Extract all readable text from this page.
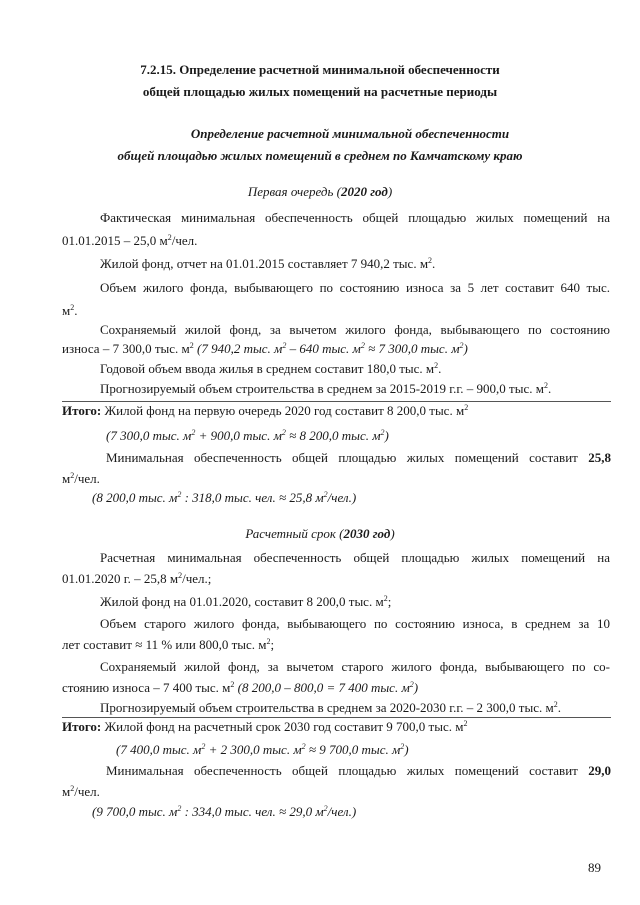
7.2.15. Определение расчетной минимальной обеспеченности
общей площадью жилых помещений на расчетные периоды
Определение расчетной минимальной обеспеченности
общей площадью жилых помещений в среднем по Камчатскому краю
Первая очередь (2020 год)
Фактическая минимальная обеспеченность общей площадью жилых помещений на
01.01.2015 – 25,0 $м^2$/чел.
Жилой фонд, отчет на 01.01.2015 составляет 7 940,2 тыс. $м^2$.
Объем жилого фонда, выбывающего по состоянию износа за 5 лет составит 640 тыс.
$м^2$.
Сохраняемый жилой фонд, за вычетом жилого фонда, выбывающего по состоянию
износа – 7 300,0 тыс. $м^2$ (7 940,2 тыс. $м^2 - 640$ тыс. $м^2 \approx 7$ 300,0 тыс. $м^2$)
Годовой объем ввода жилья в среднем составит 180,0 тыс. $м^2$.
Прогнозируемый объем строительства в среднем за 2015-2019 г.г. – 900,0 тыс. $м^2$.
Итого: Жилой фонд на первую очередь 2020 год составит 8 200,0 тыс. $м^2$
(7 300,0 тыс. $м^2 + 900,0$ тыс. $м^2 \approx 8$ 200,0 тыс. $м^2$)
Минимальная обеспеченность общей площадью жилых помещений составит 25,8
$м^2$/чел.
(8 200,0 тыс. $м^2$ : 318,0 тыс. чел. ≈ 25,8 $м^2/чел$.)
Расчетный срок (2030 год)
Расчетная минимальная обеспеченность общей площадью жилых помещений на
01.01.2020 г. – 25,8 $м^2$/чел.;
Жилой фонд на 01.01.2020, составит 8 200,0 тыс. $м^2$;
Объем старого жилого фонда, выбывающего по состоянию износа, в среднем за 10
лет составит ≈ 11 % или 800,0 тыс. $м^2$;
Сохраняемый жилой фонд, за вычетом старого жилого фонда, выбывающего по со-
стоянию износа – 7 400 тыс. $м^2$ (8 200,0 – 800,0 = 7 400 тыс. $м^2$)
Прогнозируемый объем строительства в среднем за 2020-2030 г.г. – 2 300,0 тыс. $м^2$.
Итого: Жилой фонд на расчетный срок 2030 год составит 9 700,0 тыс. $м^2$
(7 400,0 тыс. $м^2 + 2$ 300,0 тыс. $м^2 \approx 9$ 700,0 тыс. $м^2$)
Минимальная обеспеченность общей площадью жилых помещений составит 29,0
$м^2$/чел.
(9 700,0 тыс. $м^2$ : 334,0 тыс. чел. ≈ 29,0 $м^2/чел$.)
89
